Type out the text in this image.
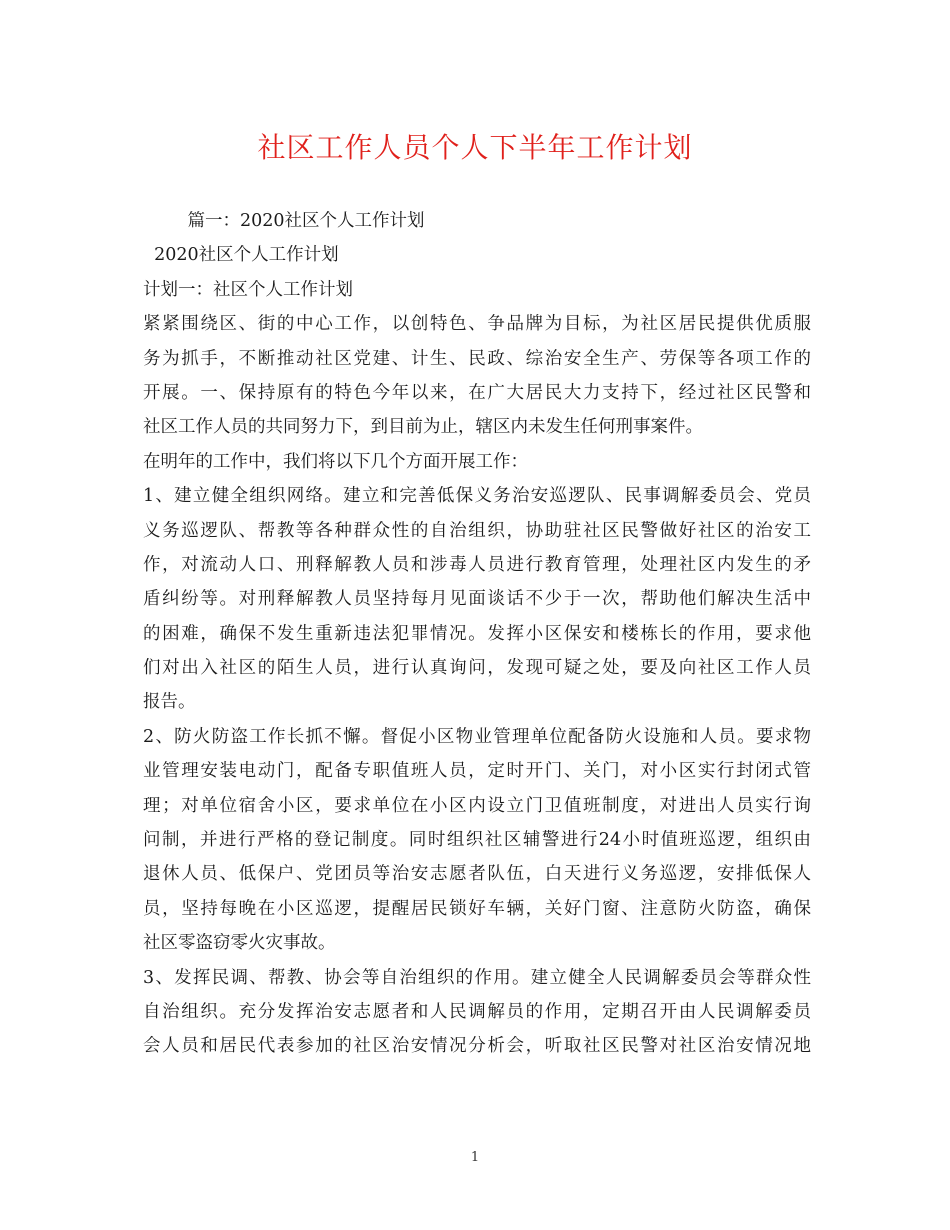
社区工作人员个人下半年工作计划

篇一：2020社区个人工作计划

2020社区个人工作计划

计划一：社区个人工作计划

紧紧围绕区、街的中心工作，以创特色、争品牌为目标，为社区居民提供优质服

务为抓手，不断推动社区党建、计生、民政、综治安全生产、劳保等各项工作的

开展。一、保持原有的特色今年以来，在广大居民大力支持下，经过社区民警和

社区工作人员的共同努力下，到目前为止，辖区内未发生任何刑事案件。

在明年的工作中，我们将以下几个方面开展工作：

1、建立健全组织网络。建立和完善低保义务治安巡逻队、民事调解委员会、党员

义务巡逻队、帮教等各种群众性的自治组织，协助驻社区民警做好社区的治安工

作，对流动人口、刑释解教人员和涉毒人员进行教育管理，处理社区内发生的矛

盾纠纷等。对刑释解教人员坚持每月见面谈话不少于一次，帮助他们解决生活中

的困难，确保不发生重新违法犯罪情况。发挥小区保安和楼栋长的作用，要求他

们对出入社区的陌生人员，进行认真询问，发现可疑之处，要及向社区工作人员

报告。

2、防火防盗工作长抓不懈。督促小区物业管理单位配备防火设施和人员。要求物

业管理安装电动门，配备专职值班人员，定时开门、关门，对小区实行封闭式管

理；对单位宿舍小区，要求单位在小区内设立门卫值班制度，对进出人员实行询

问制，并进行严格的登记制度。同时组织社区辅警进行24小时值班巡逻，组织由

退休人员、低保户、党团员等治安志愿者队伍，白天进行义务巡逻，安排低保人

员，坚持每晚在小区巡逻，提醒居民锁好车辆，关好门窗、注意防火防盗，确保

社区零盗窃零火灾事故。

3、发挥民调、帮教、协会等自治组织的作用。建立健全人民调解委员会等群众性

自治组织。充分发挥治安志愿者和人民调解员的作用，定期召开由人民调解委员

会人员和居民代表参加的社区治安情况分析会，听取社区民警对社区治安情况地

1
